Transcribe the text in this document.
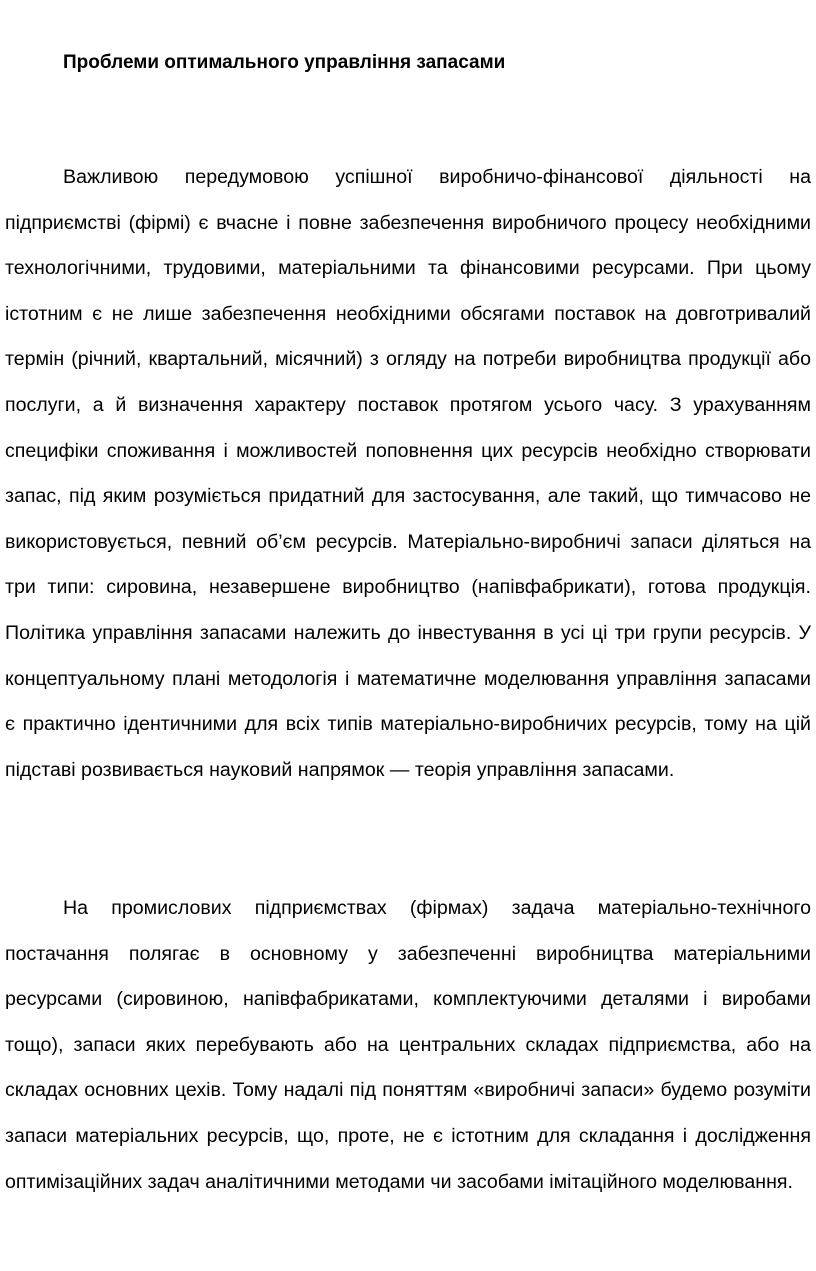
Проблеми оптимального управління запасами

Важливою передумовою успішної виробничо-фінансової діяльності на підприємстві (фірмі) є вчасне і повне забезпечення виробничого процесу необхідними технологічними, трудовими, матеріальними та фінансовими ресурсами. При цьому істотним є не лише забезпечення необхідними обсягами поставок на довготривалий термін (річний, квартальний, місячний) з огляду на потреби виробництва продукції або послуги, а й визначення характеру поставок протягом усього часу. З урахуванням специфіки споживання і можливостей поповнення цих ресурсів необхідно створювати запас, під яким розуміється придатний для застосування, але такий, що тимчасово не використовується, певний об’єм ресурсів. Матеріально-виробничі запаси діляться на три типи: сировина, незавершене виробництво (напівфабрикати), готова продукція. Політика управління запасами належить до інвестування в усі ці три групи ресурсів. У концептуальному плані методологія і математичне моделювання управління запасами є практично ідентичними для всіх типів матеріально-виробничих ресурсів, тому на цій підставі розвивається науковий напрямок — теорія управління запасами.

На промислових підприємствах (фірмах) задача матеріально-технічного постачання полягає в основному у забезпеченні виробництва матеріальними ресурсами (сировиною, напівфабрикатами, комплектуючими деталями і виробами тощо), запаси яких перебувають або на центральних складах підприємства, або на складах основних цехів. Тому надалі під поняттям «виробничі запаси» будемо розуміти запаси матеріальних ресурсів, що, проте, не є істотним для складання і дослідження оптимізаційних задач аналітичними методами чи засобами імітаційного моделювання.
